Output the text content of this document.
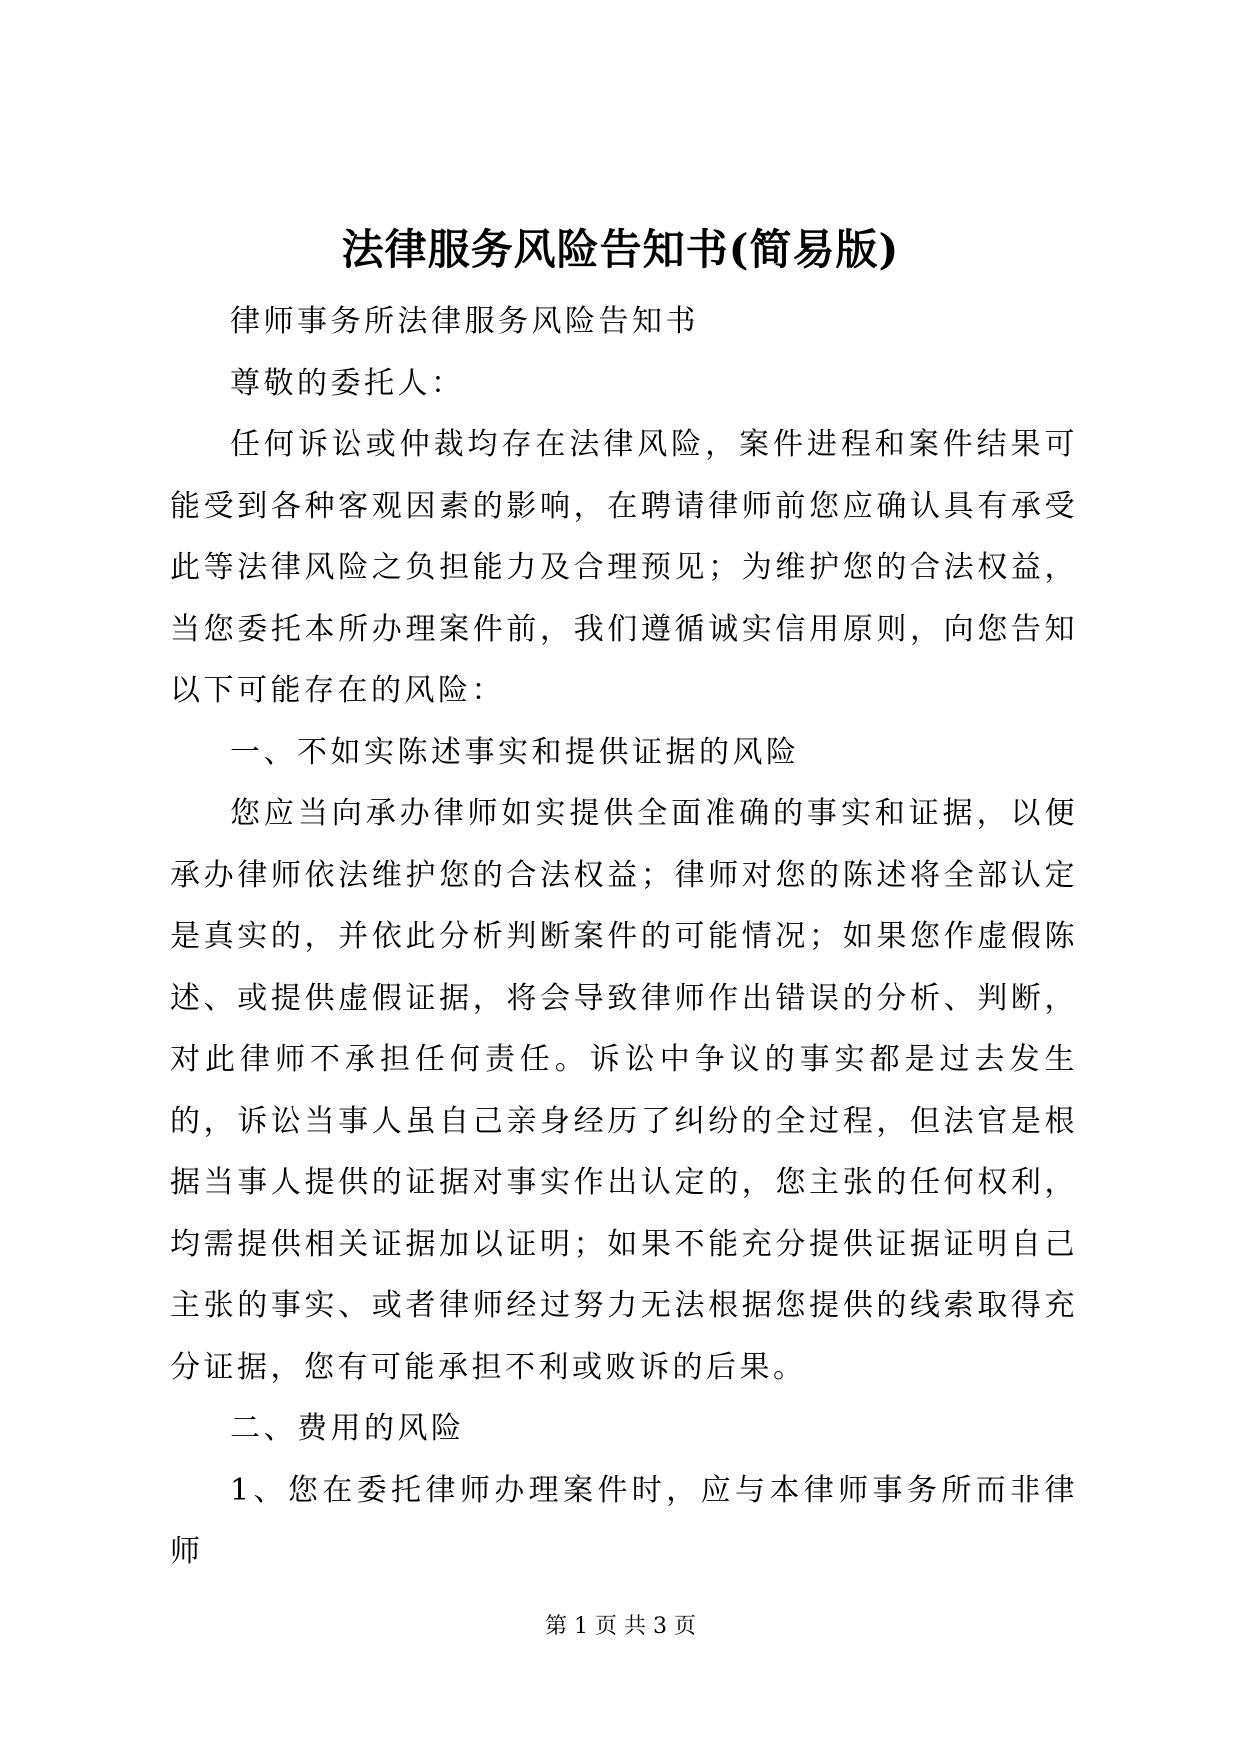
法律服务风险告知书(简易版)

律师事务所法律服务风险告知书

尊敬的委托人：

任何诉讼或仲裁均存在法律风险，案件进程和案件结果可能受到各种客观因素的影响，在聘请律师前您应确认具有承受此等法律风险之负担能力及合理预见；为维护您的合法权益，当您委托本所办理案件前，我们遵循诚实信用原则，向您告知以下可能存在的风险：

一、不如实陈述事实和提供证据的风险

您应当向承办律师如实提供全面准确的事实和证据，以便承办律师依法维护您的合法权益；律师对您的陈述将全部认定是真实的，并依此分析判断案件的可能情况；如果您作虚假陈述、或提供虚假证据，将会导致律师作出错误的分析、判断，对此律师不承担任何责任。诉讼中争议的事实都是过去发生的，诉讼当事人虽自己亲身经历了纠纷的全过程，但法官是根据当事人提供的证据对事实作出认定的，您主张的任何权利，均需提供相关证据加以证明；如果不能充分提供证据证明自己主张的事实、或者律师经过努力无法根据您提供的线索取得充分证据，您有可能承担不利或败诉的后果。

二、费用的风险

1、您在委托律师办理案件时，应与本律师事务所而非律师

第 1 页 共 3 页
